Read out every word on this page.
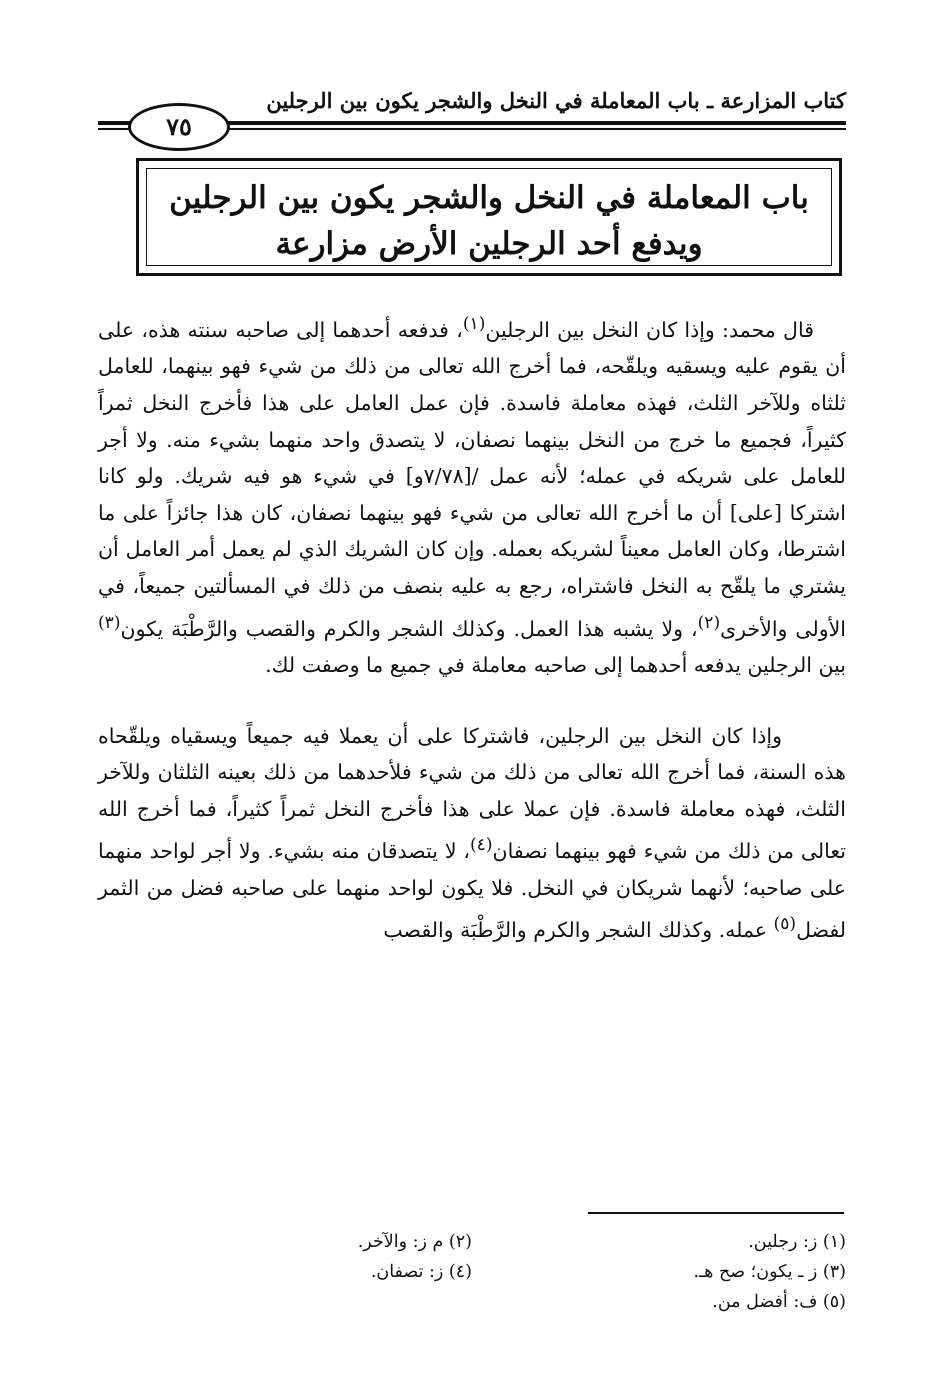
كتاب المزارعة ـ باب المعاملة في النخل والشجر يكون بين الرجلين
٧٥
باب المعاملة في النخل والشجر يكون بين الرجلين
ويدفع أحد الرجلين الأرض مزارعة

قال محمد: وإذا كان النخل بين الرجلين$^{(١)}$، فدفعه أحدهما إلى صاحبه سنته هذه، على أن يقوم عليه ويسقيه ويلقّحه، فما أخرج الله تعالى من ذلك من شيء فهو بينهما، للعامل ثلثاه وللآخر الثلث، فهذه معاملة فاسدة. فإن عمل العامل على هذا فأخرج النخل ثمراً كثيراً، فجميع ما خرج من النخل بينهما نصفان، لا يتصدق واحد منهما بشيء منه. ولا أجر للعامل على شريكه في عمله؛ لأنه عمل /[٧/٧٨و] في شيء هو فيه شريك. ولو كانا اشتركا [على] أن ما أخرج الله تعالى من شيء فهو بينهما نصفان، كان هذا جائزاً على ما اشترطا، وكان العامل معيناً لشريكه بعمله. وإن كان الشريك الذي لم يعمل أمر العامل أن يشتري ما يلقّح به النخل فاشتراه، رجع به عليه بنصف من ذلك في المسألتين جميعاً، في الأولى والأخرى$^{(٢)}$، ولا يشبه هذا العمل. وكذلك الشجر والكرم والقصب والرَّطْبَة يكون$^{(٣)}$ بين الرجلين يدفعه أحدهما إلى صاحبه معاملة في جميع ما وصفت لك.

وإذا كان النخل بين الرجلين، فاشتركا على أن يعملا فيه جميعاً ويسقياه ويلقّحاه هذه السنة، فما أخرج الله تعالى من ذلك من شيء فلأحدهما من ذلك بعينه الثلثان وللآخر الثلث، فهذه معاملة فاسدة. فإن عملا على هذا فأخرج النخل ثمراً كثيراً، فما أخرج الله تعالى من ذلك من شيء فهو بينهما نصفان$^{(٤)}$، لا يتصدقان منه بشيء. ولا أجر لواحد منهما على صاحبه؛ لأنهما شريكان في النخل. فلا يكون لواحد منهما على صاحبه فضل من الثمر لفضل$^{(٥)}$ عمله. وكذلك الشجر والكرم والرَّطْبَة والقصب

(١) ز: رجلين.
(٢) م ز: والآخر.
(٣) ز ـ يكون؛ صح هـ.
(٤) ز: تصفان.
(٥) ف: أفضل من.
